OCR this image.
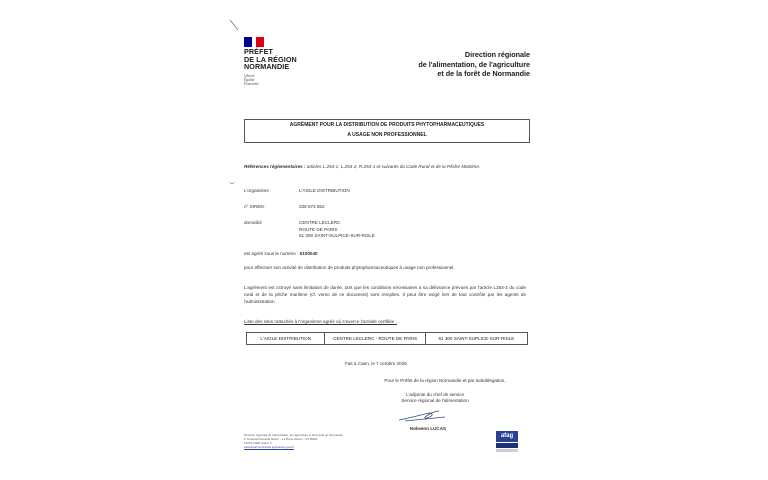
PRÉFET
DE LA RÉGION
NORMANDIE
Liberté
Égalité
Fraternité
Direction régionale
de l'alimentation, de l'agriculture
et de la forêt de Normandie
AGRÉMENT POUR LA DISTRIBUTION DE PRODUITS PHYTOPHARMACEUTIQUES
A USAGE NON PROFESSIONNEL
Références réglementaires : articles L.254-1, L.254-2, R.254-1 et suivants du Code Rural et de la Pêche Maritime.
L'organisme :	L'AIGLE DISTRIBUTION
n° SIREN :	338 873 552
domicilié	CENTRE LECLERC
ROUTE DE PARIS
61 300 SAINT-SULPICE-SUR-RISLE
est agréé sous le numéro : 6100040
pour effectuer son activité de distribution de produits phytopharmaceutiques à usage non professionnel.
L'agrément est octroyé sans limitation de durée, tant que les conditions nécessaires à sa délivrance prévues par l'article L254-2 du code rural et de la pêche maritime (cf. verso de ce document) sont remplies. Il peut être exigé lors de tout contrôle par les agents de l'administration.
Liste des sites rattachés à l'organisme agréé où s'exerce l'activité certifiée :
L'AIGLE DISTRIBUTION	CENTRE LECLERC - ROUTE DE PARIS	61 300 SAINT-SUPLICE-SUR-RISLE
Fait à Caen, le 7 octobre 2025
Pour le Préfet de la région Normandie et par subdélégation,
L'adjointe du chef de service
Service régional de l'alimentation
Nolwenn LUCAS
Direction régionale de l'alimentation, de l'agriculture et de la forêt de Normandie
6, boulevard Général Vanier – La Pierre Heuzé – CS 95181
14070 CAEN Cedex 5
www.draaf.normandie.agriculture.gouv.fr
afag
